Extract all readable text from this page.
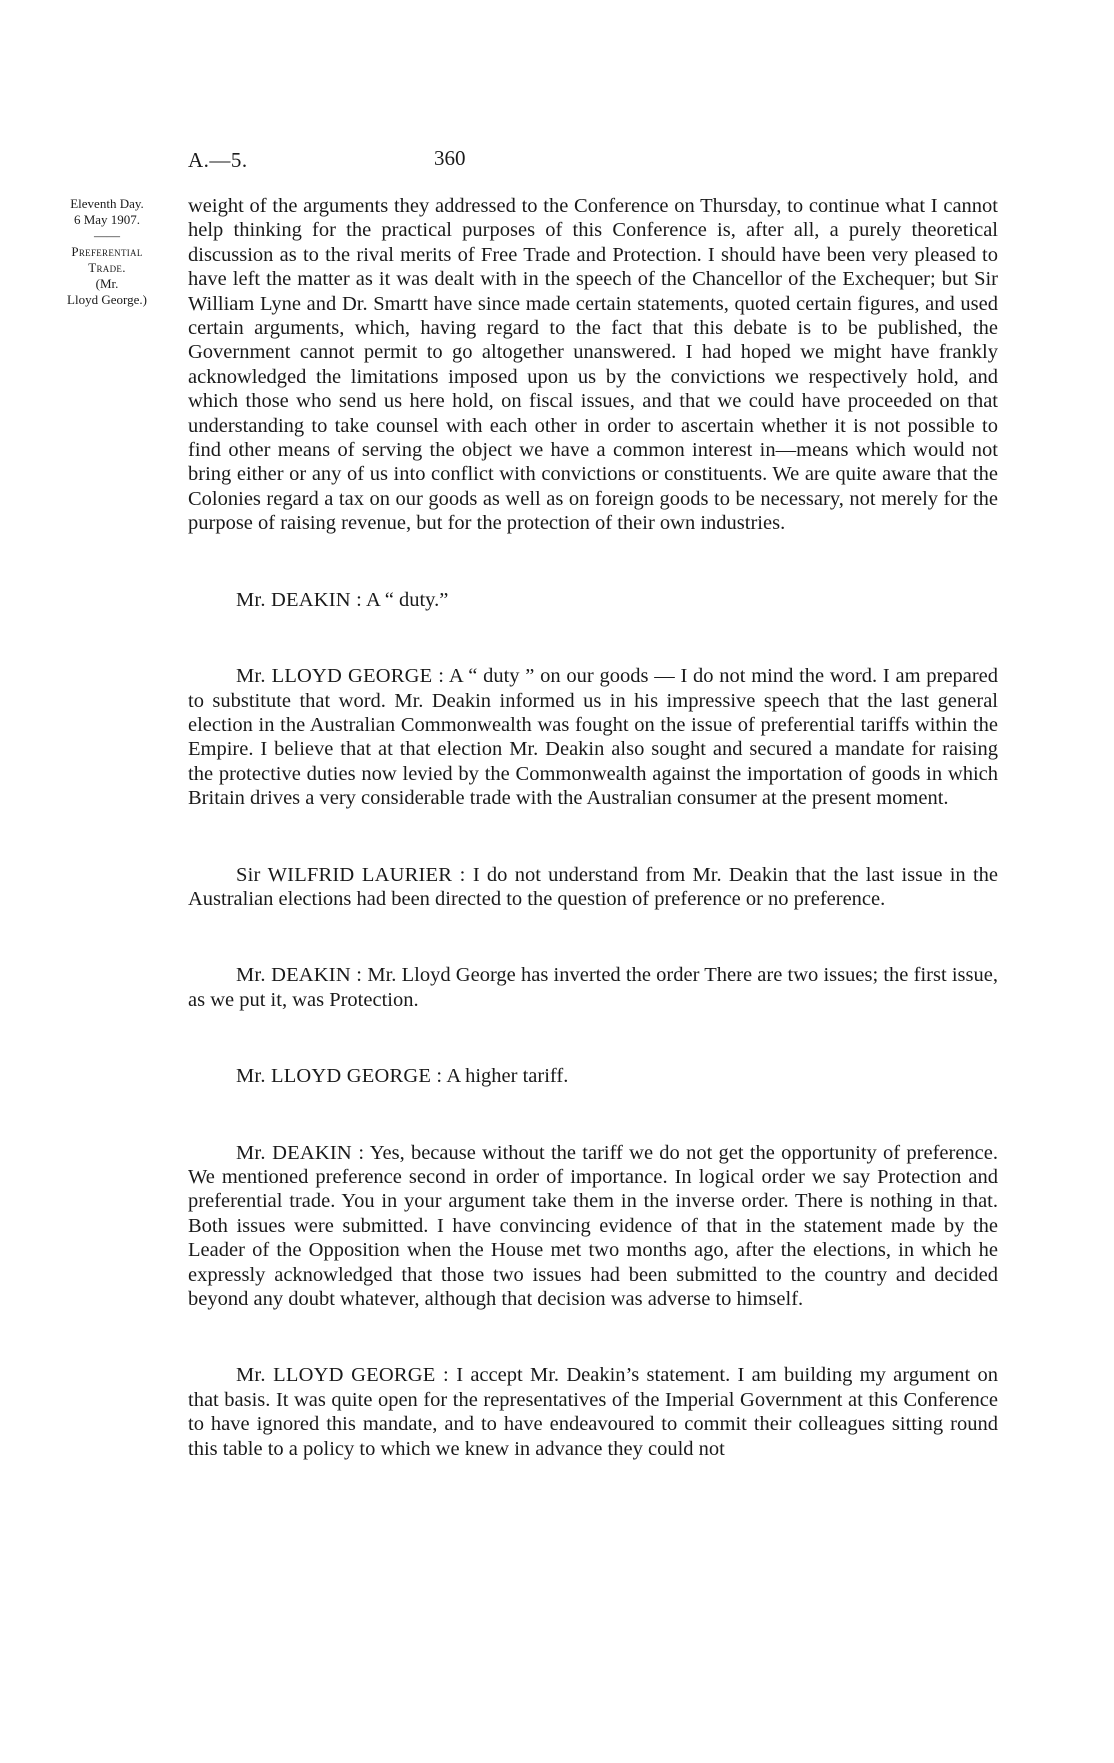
A.—5.	360
Eleventh Day.
6 May 1907.
——
Preferential
Trade.
(Mr.
Lloyd George.)

weight of the arguments they addressed to the Conference on Thursday, to continue what I cannot help thinking for the practical purposes of this Conference is, after all, a purely theoretical discussion as to the rival merits of Free Trade and Protection. I should have been very pleased to have left the matter as it was dealt with in the speech of the Chancellor of the Exchequer; but Sir William Lyne and Dr. Smartt have since made certain statements, quoted certain figures, and used certain arguments, which, having regard to the fact that this debate is to be published, the Government cannot permit to go altogether unanswered. I had hoped we might have frankly acknowledged the limitations imposed upon us by the convictions we respectively hold, and which those who send us here hold, on fiscal issues, and that we could have proceeded on that understanding to take counsel with each other in order to ascertain whether it is not possible to find other means of serving the object we have a common interest in—means which would not bring either or any of us into conflict with convictions or constituents. We are quite aware that the Colonies regard a tax on our goods as well as on foreign goods to be necessary, not merely for the purpose of raising revenue, but for the protection of their own industries.

Mr. DEAKIN : A “ duty.”

Mr. LLOYD GEORGE : A “ duty ” on our goods — I do not mind the word. I am prepared to substitute that word. Mr. Deakin informed us in his impressive speech that the last general election in the Australian Commonwealth was fought on the issue of preferential tariffs within the Empire. I believe that at that election Mr. Deakin also sought and secured a mandate for raising the protective duties now levied by the Commonwealth against the importation of goods in which Britain drives a very considerable trade with the Australian consumer at the present moment.

Sir WILFRID LAURIER : I do not understand from Mr. Deakin that the last issue in the Australian elections had been directed to the question of preference or no preference.

Mr. DEAKIN : Mr. Lloyd George has inverted the order There are two issues; the first issue, as we put it, was Protection.

Mr. LLOYD GEORGE : A higher tariff.

Mr. DEAKIN : Yes, because without the tariff we do not get the opportunity of preference. We mentioned preference second in order of importance. In logical order we say Protection and preferential trade. You in your argument take them in the inverse order. There is nothing in that. Both issues were submitted. I have convincing evidence of that in the statement made by the Leader of the Opposition when the House met two months ago, after the elections, in which he expressly acknowledged that those two issues had been submitted to the country and decided beyond any doubt whatever, although that decision was adverse to himself.

Mr. LLOYD GEORGE : I accept Mr. Deakin’s statement. I am building my argument on that basis. It was quite open for the representatives of the Imperial Government at this Conference to have ignored this mandate, and to have endeavoured to commit their colleagues sitting round this table to a policy to which we knew in advance they could not
